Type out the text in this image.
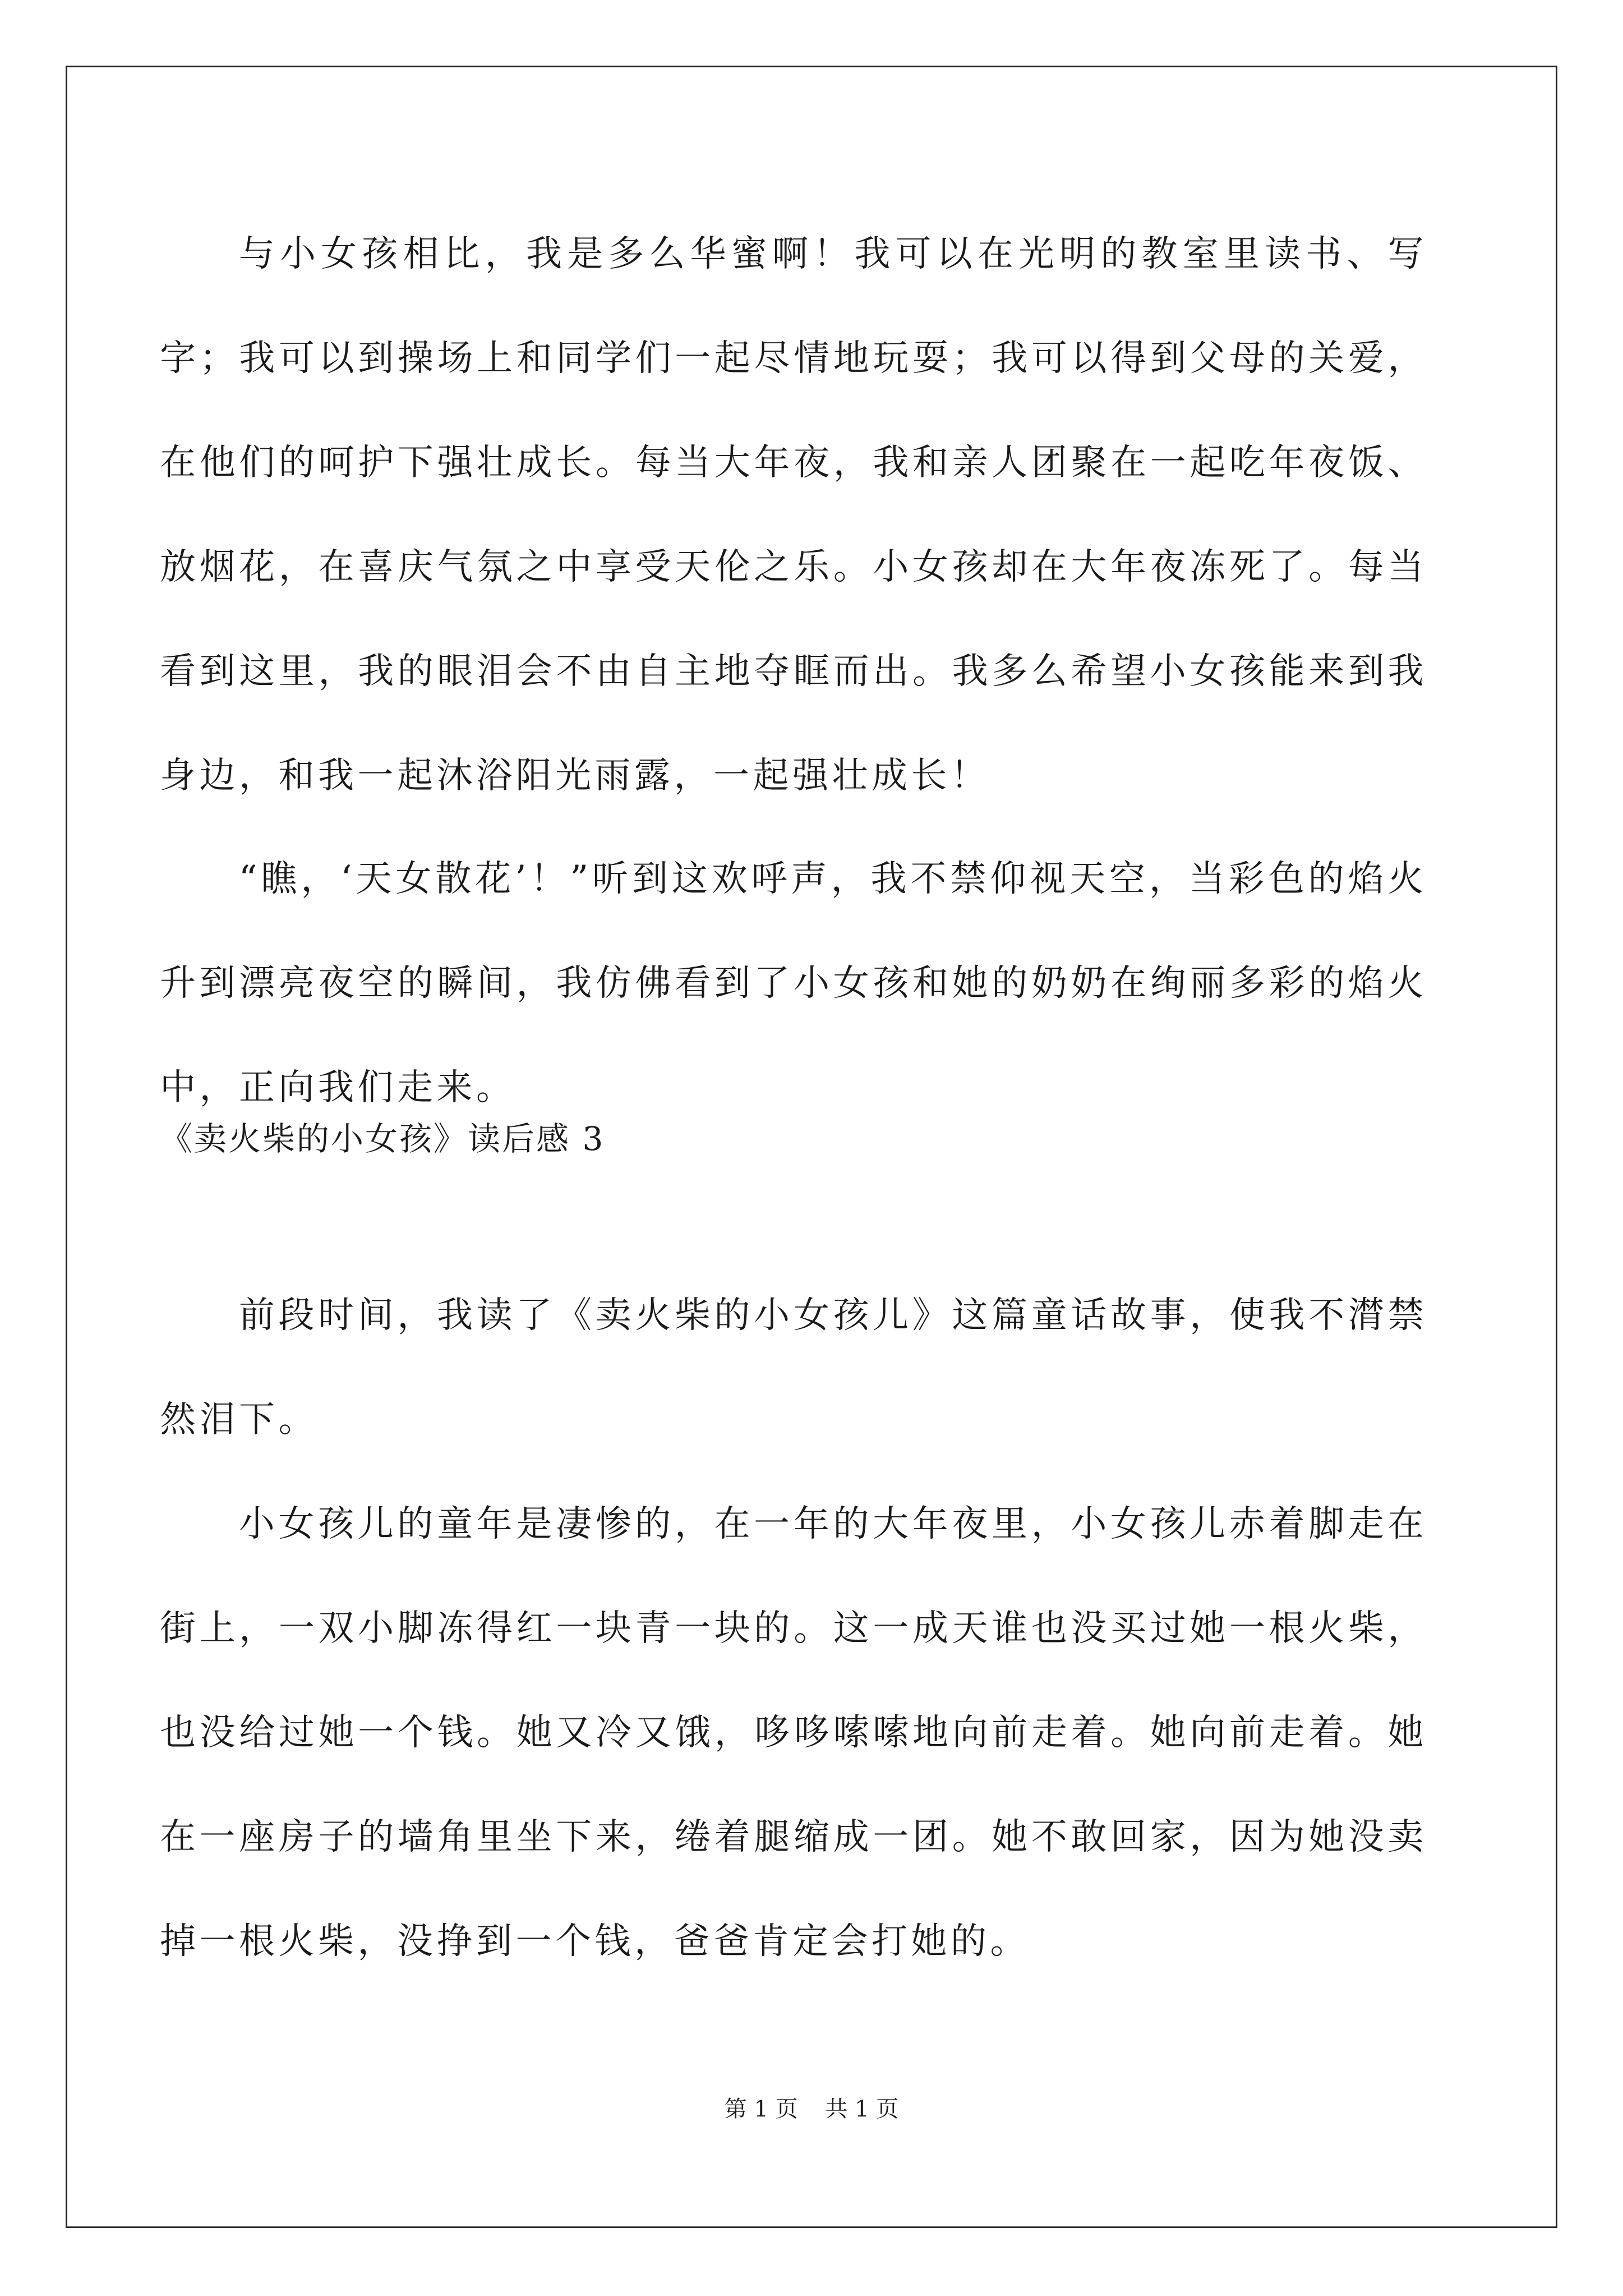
与小女孩相比，我是多么华蜜啊！我可以在光明的教室里读书、写字；我可以到操场上和同学们一起尽情地玩耍；我可以得到父母的关爱，在他们的呵护下强壮成长。每当大年夜，我和亲人团聚在一起吃年夜饭、放烟花，在喜庆气氛之中享受天伦之乐。小女孩却在大年夜冻死了。每当看到这里，我的眼泪会不由自主地夺眶而出。我多么希望小女孩能来到我身边，和我一起沐浴阳光雨露，一起强壮成长！

“瞧，‘天女散花’！”听到这欢呼声，我不禁仰视天空，当彩色的焰火升到漂亮夜空的瞬间，我仿佛看到了小女孩和她的奶奶在绚丽多彩的焰火中，正向我们走来。

《卖火柴的小女孩》读后感 3

前段时间，我读了《卖火柴的小女孩儿》这篇童话故事，使我不潸禁然泪下。

小女孩儿的童年是凄惨的，在一年的大年夜里，小女孩儿赤着脚走在街上，一双小脚冻得红一块青一块的。这一成天谁也没买过她一根火柴，也没给过她一个钱。她又冷又饿，哆哆嗦嗦地向前走着。她向前走着。她在一座房子的墙角里坐下来，绻着腿缩成一团。她不敢回家，因为她没卖掉一根火柴，没挣到一个钱，爸爸肯定会打她的。

第 1 页 共 1 页
